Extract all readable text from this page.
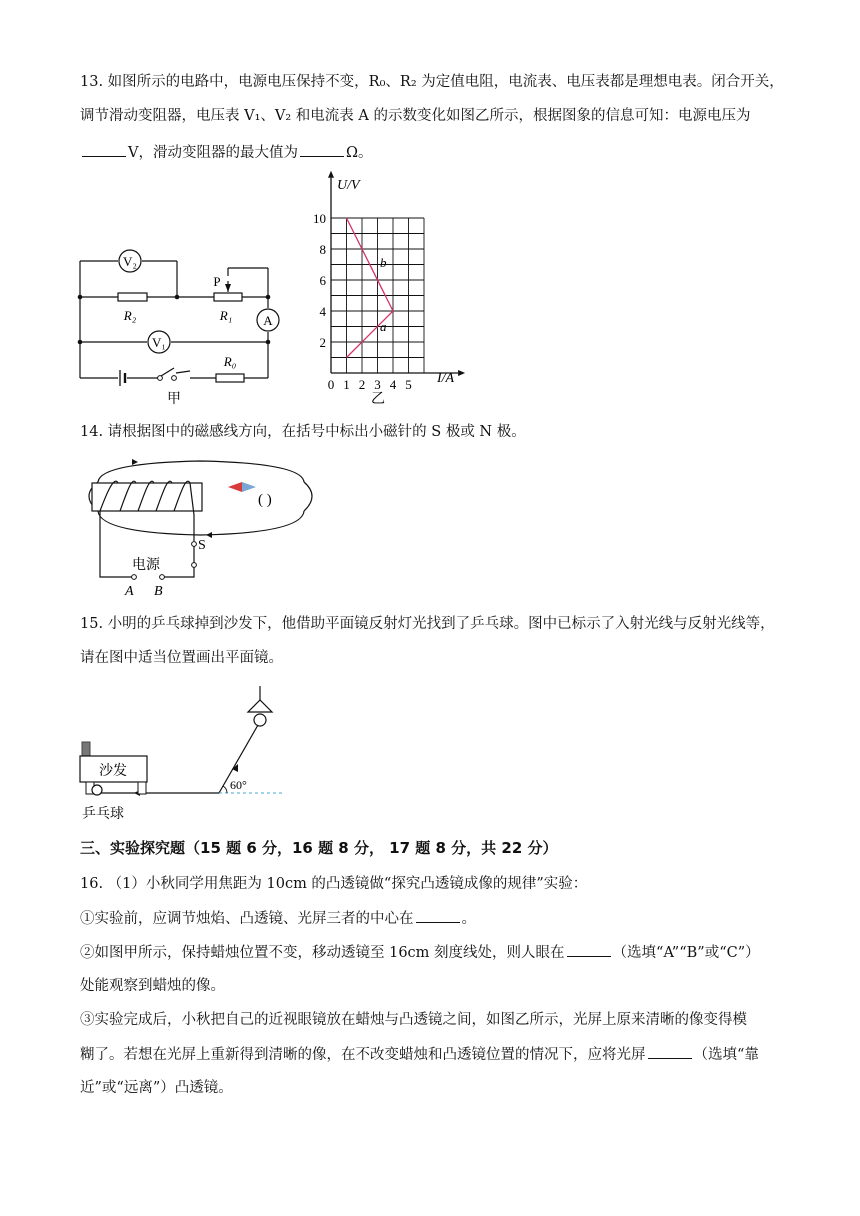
13. 如图所示的电路中，电源电压保持不变，R₀、R₂ 为定值电阻，电流表、电压表都是理想电表。闭合开关，
调节滑动变阻器，电压表 V₁、V₂ 和电流表 A 的示数变化如图乙所示，根据图象的信息可知：电源电压为
V，滑动变阻器的最大值为	Ω。
V₂
V₁
A
P
R₂	R₁
R₀
甲
2
4
6
8
10
0 1 2 3 4 5
U/V
I/A
b
a
乙
14. 请根据图中的磁感线方向，在括号中标出小磁针的 S 极或 N 极。
( )
S
电源
A B
15. 小明的乒乓球掉到沙发下，他借助平面镜反射灯光找到了乒乓球。图中已标示了入射光线与反射光线等，
请在图中适当位置画出平面镜。
60°
沙发
乒乓球
三、实验探究题（15 题 6 分，16 题 8 分， 17 题 8 分，共 22 分）
16. （1）小秋同学用焦距为 10cm 的凸透镜做“探究凸透镜成像的规律”实验：
①实验前，应调节烛焰、凸透镜、光屏三者的中心在	。
②如图甲所示，保持蜡烛位置不变，移动透镜至 16cm 刻度线处，则人眼在	（选填“A”“B”或“C”）
处能观察到蜡烛的像。
③实验完成后，小秋把自己的近视眼镜放在蜡烛与凸透镜之间，如图乙所示，光屏上原来清晰的像变得模
糊了。若想在光屏上重新得到清晰的像，在不改变蜡烛和凸透镜位置的情况下，应将光屏	（选填“靠
近”或“远离”）凸透镜。
